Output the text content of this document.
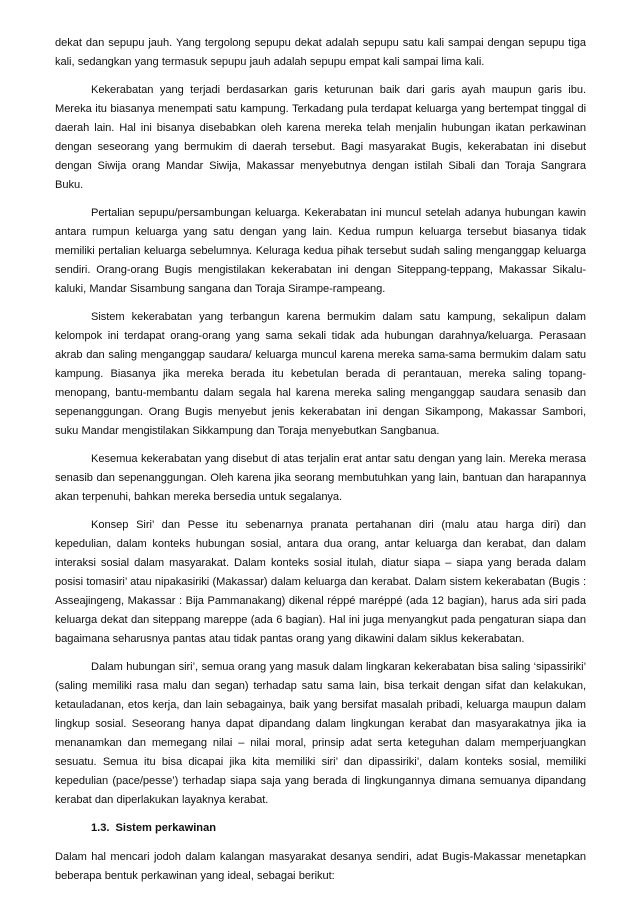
dekat dan sepupu jauh. Yang tergolong sepupu dekat adalah sepupu satu kali sampai dengan sepupu tiga kali, sedangkan yang termasuk sepupu jauh adalah sepupu empat kali sampai lima kali.

Kekerabatan yang terjadi berdasarkan garis keturunan baik dari garis ayah maupun garis ibu. Mereka itu biasanya menempati satu kampung. Terkadang pula terdapat keluarga yang bertempat tinggal di daerah lain. Hal ini bisanya disebabkan oleh karena mereka telah menjalin hubungan ikatan perkawinan dengan seseorang yang bermukim di daerah tersebut. Bagi masyarakat Bugis, kekerabatan ini disebut dengan Siwija orang Mandar Siwija, Makassar menyebutnya dengan istilah Sibali dan Toraja Sangrara Buku.

Pertalian sepupu/persambungan keluarga. Kekerabatan ini muncul setelah adanya hubungan kawin antara rumpun keluarga yang satu dengan yang lain. Kedua rumpun keluarga tersebut biasanya tidak memiliki pertalian keluarga sebelumnya. Keluraga kedua pihak tersebut sudah saling menganggap keluarga sendiri. Orang-orang Bugis mengistilakan kekerabatan ini dengan Siteppang-teppang, Makassar Sikalu-kaluki, Mandar Sisambung sangana dan Toraja Sirampe-rampeang.

Sistem kekerabatan yang terbangun karena bermukim dalam satu kampung, sekalipun dalam kelompok ini terdapat orang-orang yang sama sekali tidak ada hubungan darahnya/keluarga. Perasaan akrab dan saling menganggap saudara/ keluarga muncul karena mereka sama-sama bermukim dalam satu kampung. Biasanya jika mereka berada itu kebetulan berada di perantauan, mereka saling topang-menopang, bantu-membantu dalam segala hal karena mereka saling menganggap saudara senasib dan sepenanggungan. Orang Bugis menyebut jenis kekerabatan ini dengan Sikampong, Makassar Sambori, suku Mandar mengistilakan Sikkampung dan Toraja menyebutkan Sangbanua.

Kesemua kekerabatan yang disebut di atas terjalin erat antar satu dengan yang lain. Mereka merasa senasib dan sepenanggungan. Oleh karena jika seorang membutuhkan yang lain, bantuan dan harapannya akan terpenuhi, bahkan mereka bersedia untuk segalanya.

Konsep Siri’ dan Pesse itu sebenarnya pranata pertahanan diri (malu atau harga diri) dan kepedulian, dalam konteks hubungan sosial, antara dua orang, antar keluarga dan kerabat, dan dalam interaksi sosial dalam masyarakat. Dalam konteks sosial itulah, diatur siapa – siapa yang berada dalam posisi tomasiri’ atau nipakasiriki (Makassar) dalam keluarga dan kerabat. Dalam sistem kekerabatan (Bugis : Asseajingeng, Makassar : Bija Pammanakang) dikenal réppé maréppé (ada 12 bagian), harus ada siri pada keluarga dekat dan siteppang mareppe (ada 6 bagian). Hal ini juga menyangkut pada pengaturan siapa dan bagaimana seharusnya pantas atau tidak pantas orang yang dikawini dalam siklus kekerabatan.

Dalam hubungan siri’, semua orang yang masuk dalam lingkaran kekerabatan bisa saling ‘sipassiriki’ (saling memiliki rasa malu dan segan) terhadap satu sama lain, bisa terkait dengan sifat dan kelakukan, ketauladanan, etos kerja, dan lain sebagainya, baik yang bersifat masalah pribadi, keluarga maupun dalam lingkup sosial. Seseorang hanya dapat dipandang dalam lingkungan kerabat dan masyarakatnya jika ia menanamkan dan memegang nilai – nilai moral, prinsip adat serta keteguhan dalam memperjuangkan sesuatu. Semua itu bisa dicapai jika kita memiliki siri’ dan dipassiriki’, dalam konteks sosial, memiliki kepedulian (pace/pesse’) terhadap siapa saja yang berada di lingkungannya dimana semuanya dipandang kerabat dan diperlakukan layaknya kerabat.

1.3. Sistem perkawinan

Dalam hal mencari jodoh dalam kalangan masyarakat desanya sendiri, adat Bugis-Makassar menetapkan beberapa bentuk perkawinan yang ideal, sebagai berikut:
